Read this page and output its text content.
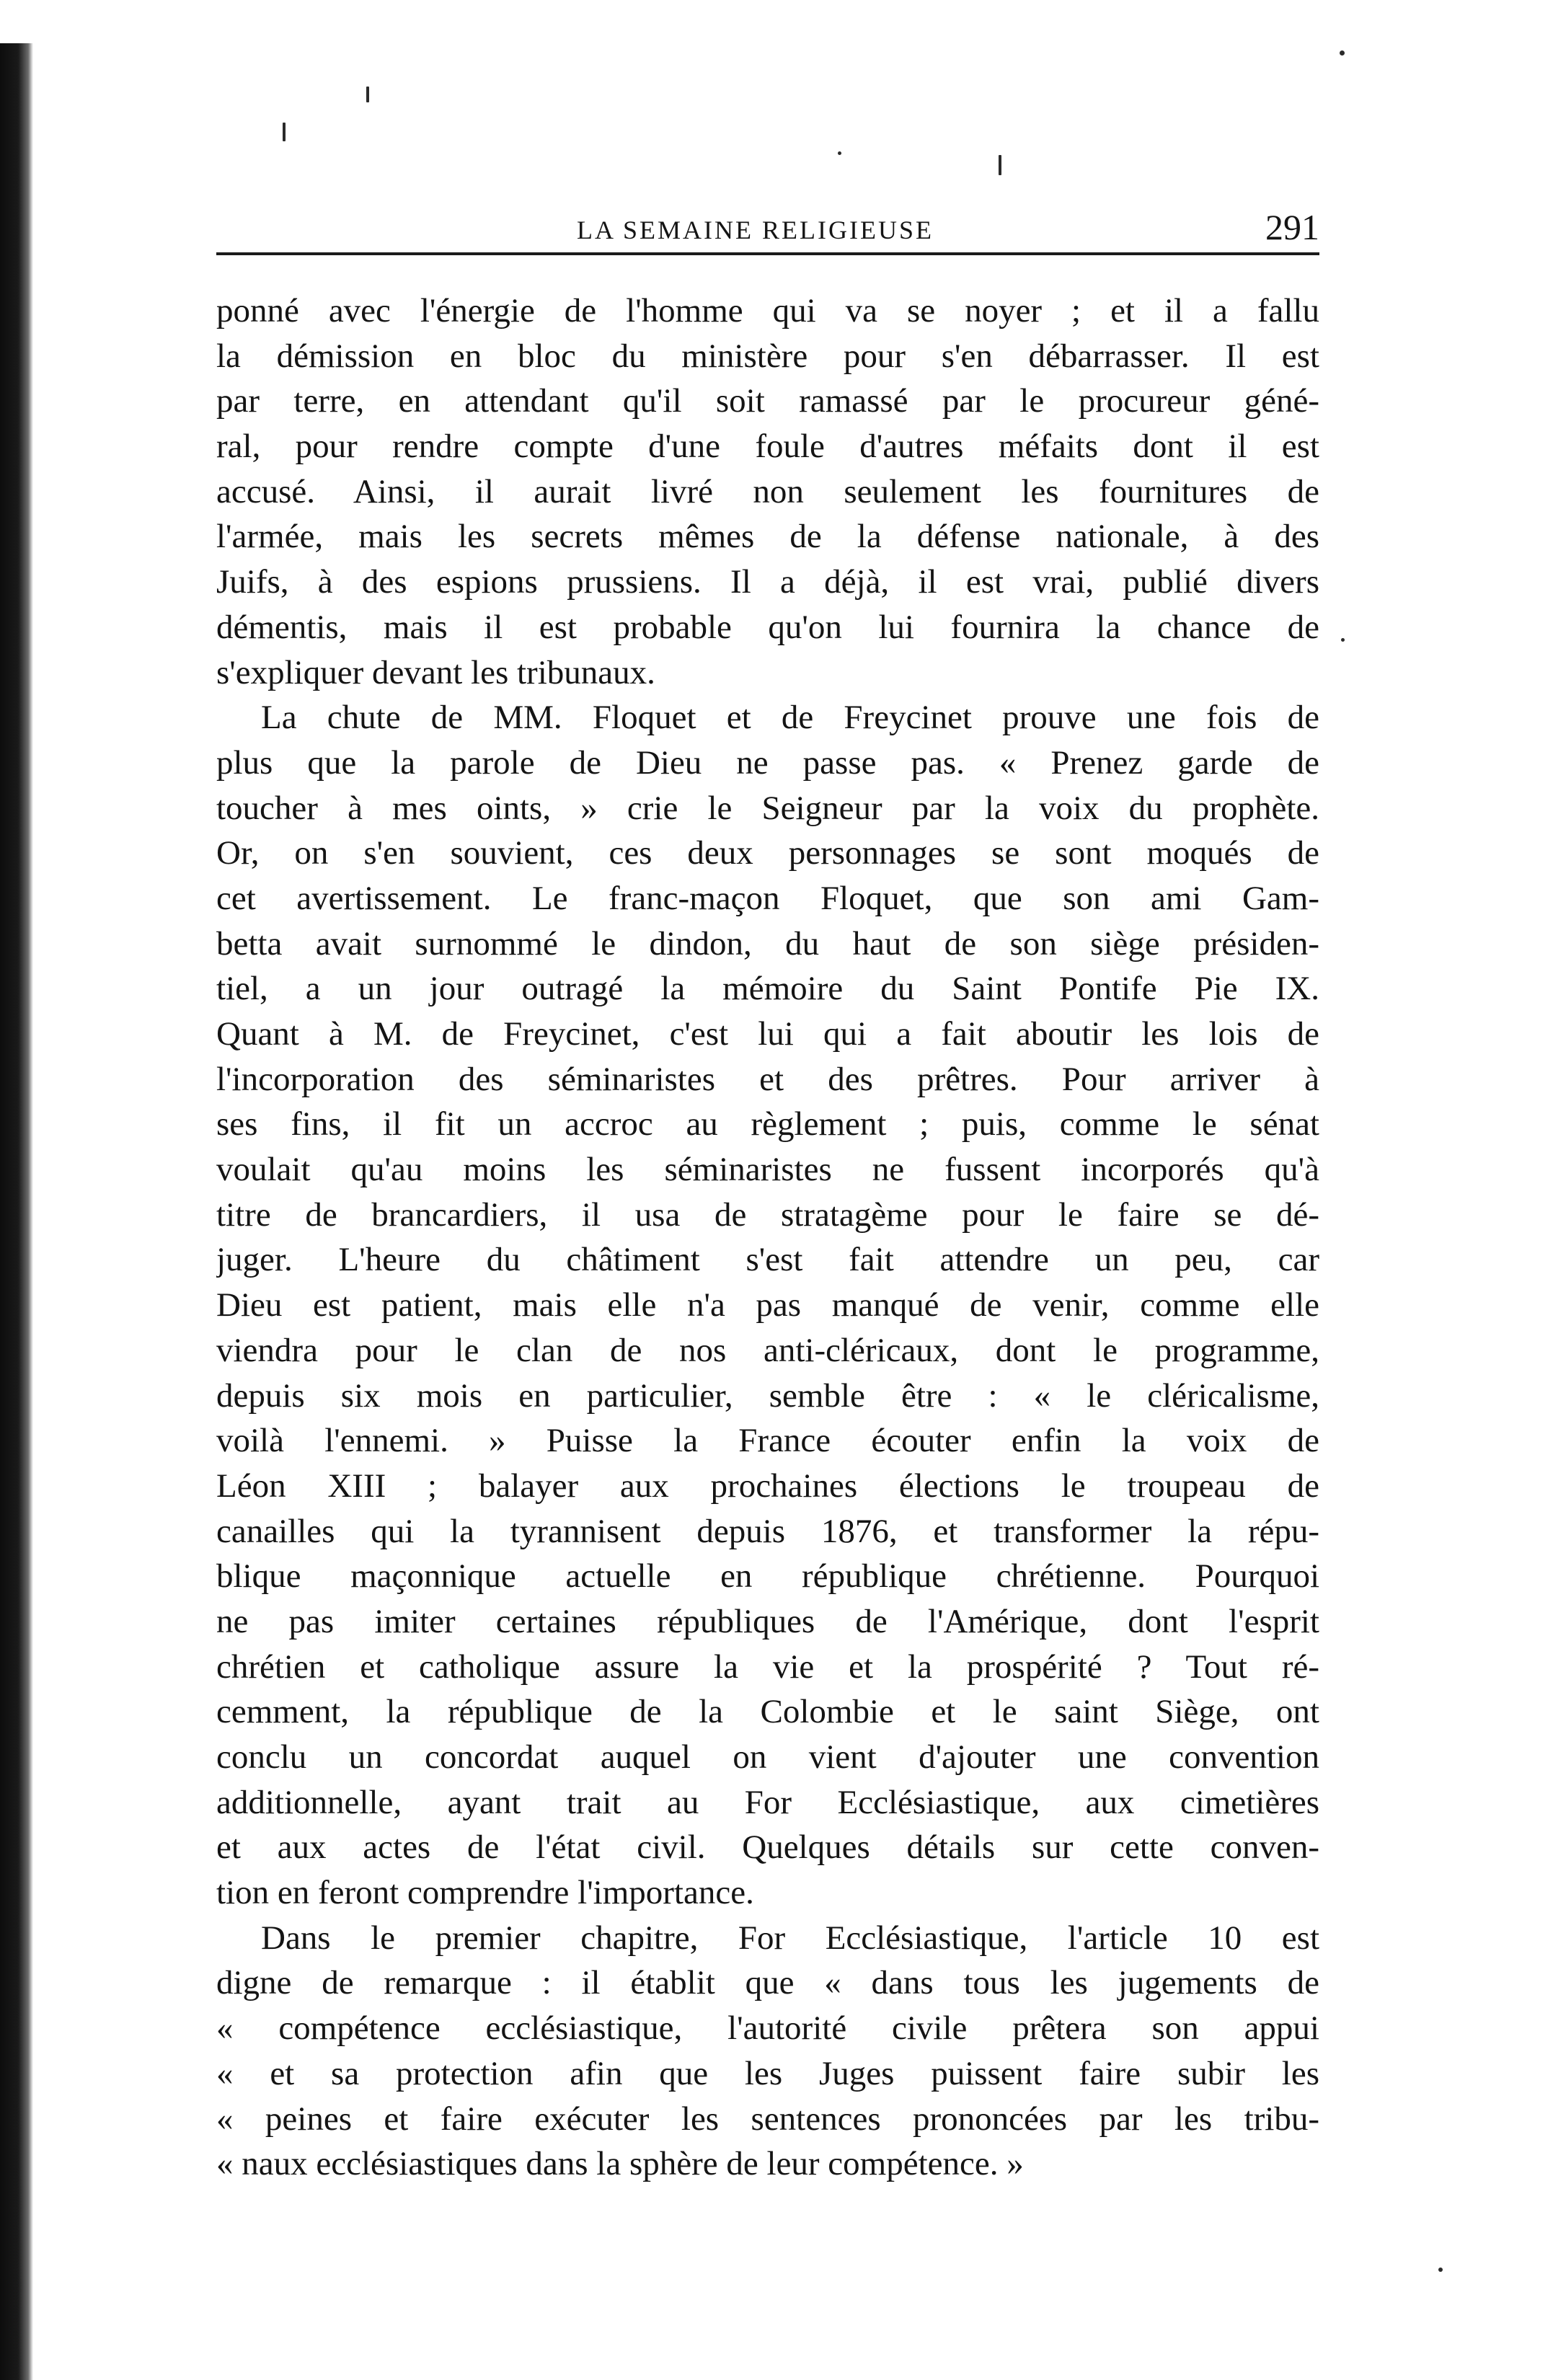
LA SEMAINE RELIGIEUSE	291
ponné avec l'énergie de l'homme qui va se noyer ; et il a fallu
la démission en bloc du ministère pour s'en débarrasser. Il est
par terre, en attendant qu'il soit ramassé par le procureur géné-
ral, pour rendre compte d'une foule d'autres méfaits dont il est
accusé. Ainsi, il aurait livré non seulement les fournitures de
l'armée, mais les secrets mêmes de la défense nationale, à des
Juifs, à des espions prussiens. Il a déjà, il est vrai, publié divers
démentis, mais il est probable qu'on lui fournira la chance de
s'expliquer devant les tribunaux.
La chute de MM. Floquet et de Freycinet prouve une fois de
plus que la parole de Dieu ne passe pas. « Prenez garde de
toucher à mes oints, » crie le Seigneur par la voix du prophète.
Or, on s'en souvient, ces deux personnages se sont moqués de
cet avertissement. Le franc-maçon Floquet, que son ami Gam-
betta avait surnommé le dindon, du haut de son siège présiden-
tiel, a un jour outragé la mémoire du Saint Pontife Pie IX.
Quant à M. de Freycinet, c'est lui qui a fait aboutir les lois de
l'incorporation des séminaristes et des prêtres. Pour arriver à
ses fins, il fit un accroc au règlement ; puis, comme le sénat
voulait qu'au moins les séminaristes ne fussent incorporés qu'à
titre de brancardiers, il usa de stratagème pour le faire se dé-
juger. L'heure du châtiment s'est fait attendre un peu, car
Dieu est patient, mais elle n'a pas manqué de venir, comme elle
viendra pour le clan de nos anti-cléricaux, dont le programme,
depuis six mois en particulier, semble être : « le cléricalisme,
voilà l'ennemi. » Puisse la France écouter enfin la voix de
Léon XIII ; balayer aux prochaines élections le troupeau de
canailles qui la tyrannisent depuis 1876, et transformer la répu-
blique maçonnique actuelle en république chrétienne. Pourquoi
ne pas imiter certaines républiques de l'Amérique, dont l'esprit
chrétien et catholique assure la vie et la prospérité ? Tout ré-
cemment, la république de la Colombie et le saint Siège, ont
conclu un concordat auquel on vient d'ajouter une convention
additionnelle, ayant trait au For Ecclésiastique, aux cimetières
et aux actes de l'état civil. Quelques détails sur cette conven-
tion en feront comprendre l'importance.
Dans le premier chapitre, For Ecclésiastique, l'article 10 est
digne de remarque : il établit que « dans tous les jugements de
« compétence ecclésiastique, l'autorité civile prêtera son appui
« et sa protection afin que les Juges puissent faire subir les
« peines et faire exécuter les sentences prononcées par les tribu-
« naux ecclésiastiques dans la sphère de leur compétence. »
